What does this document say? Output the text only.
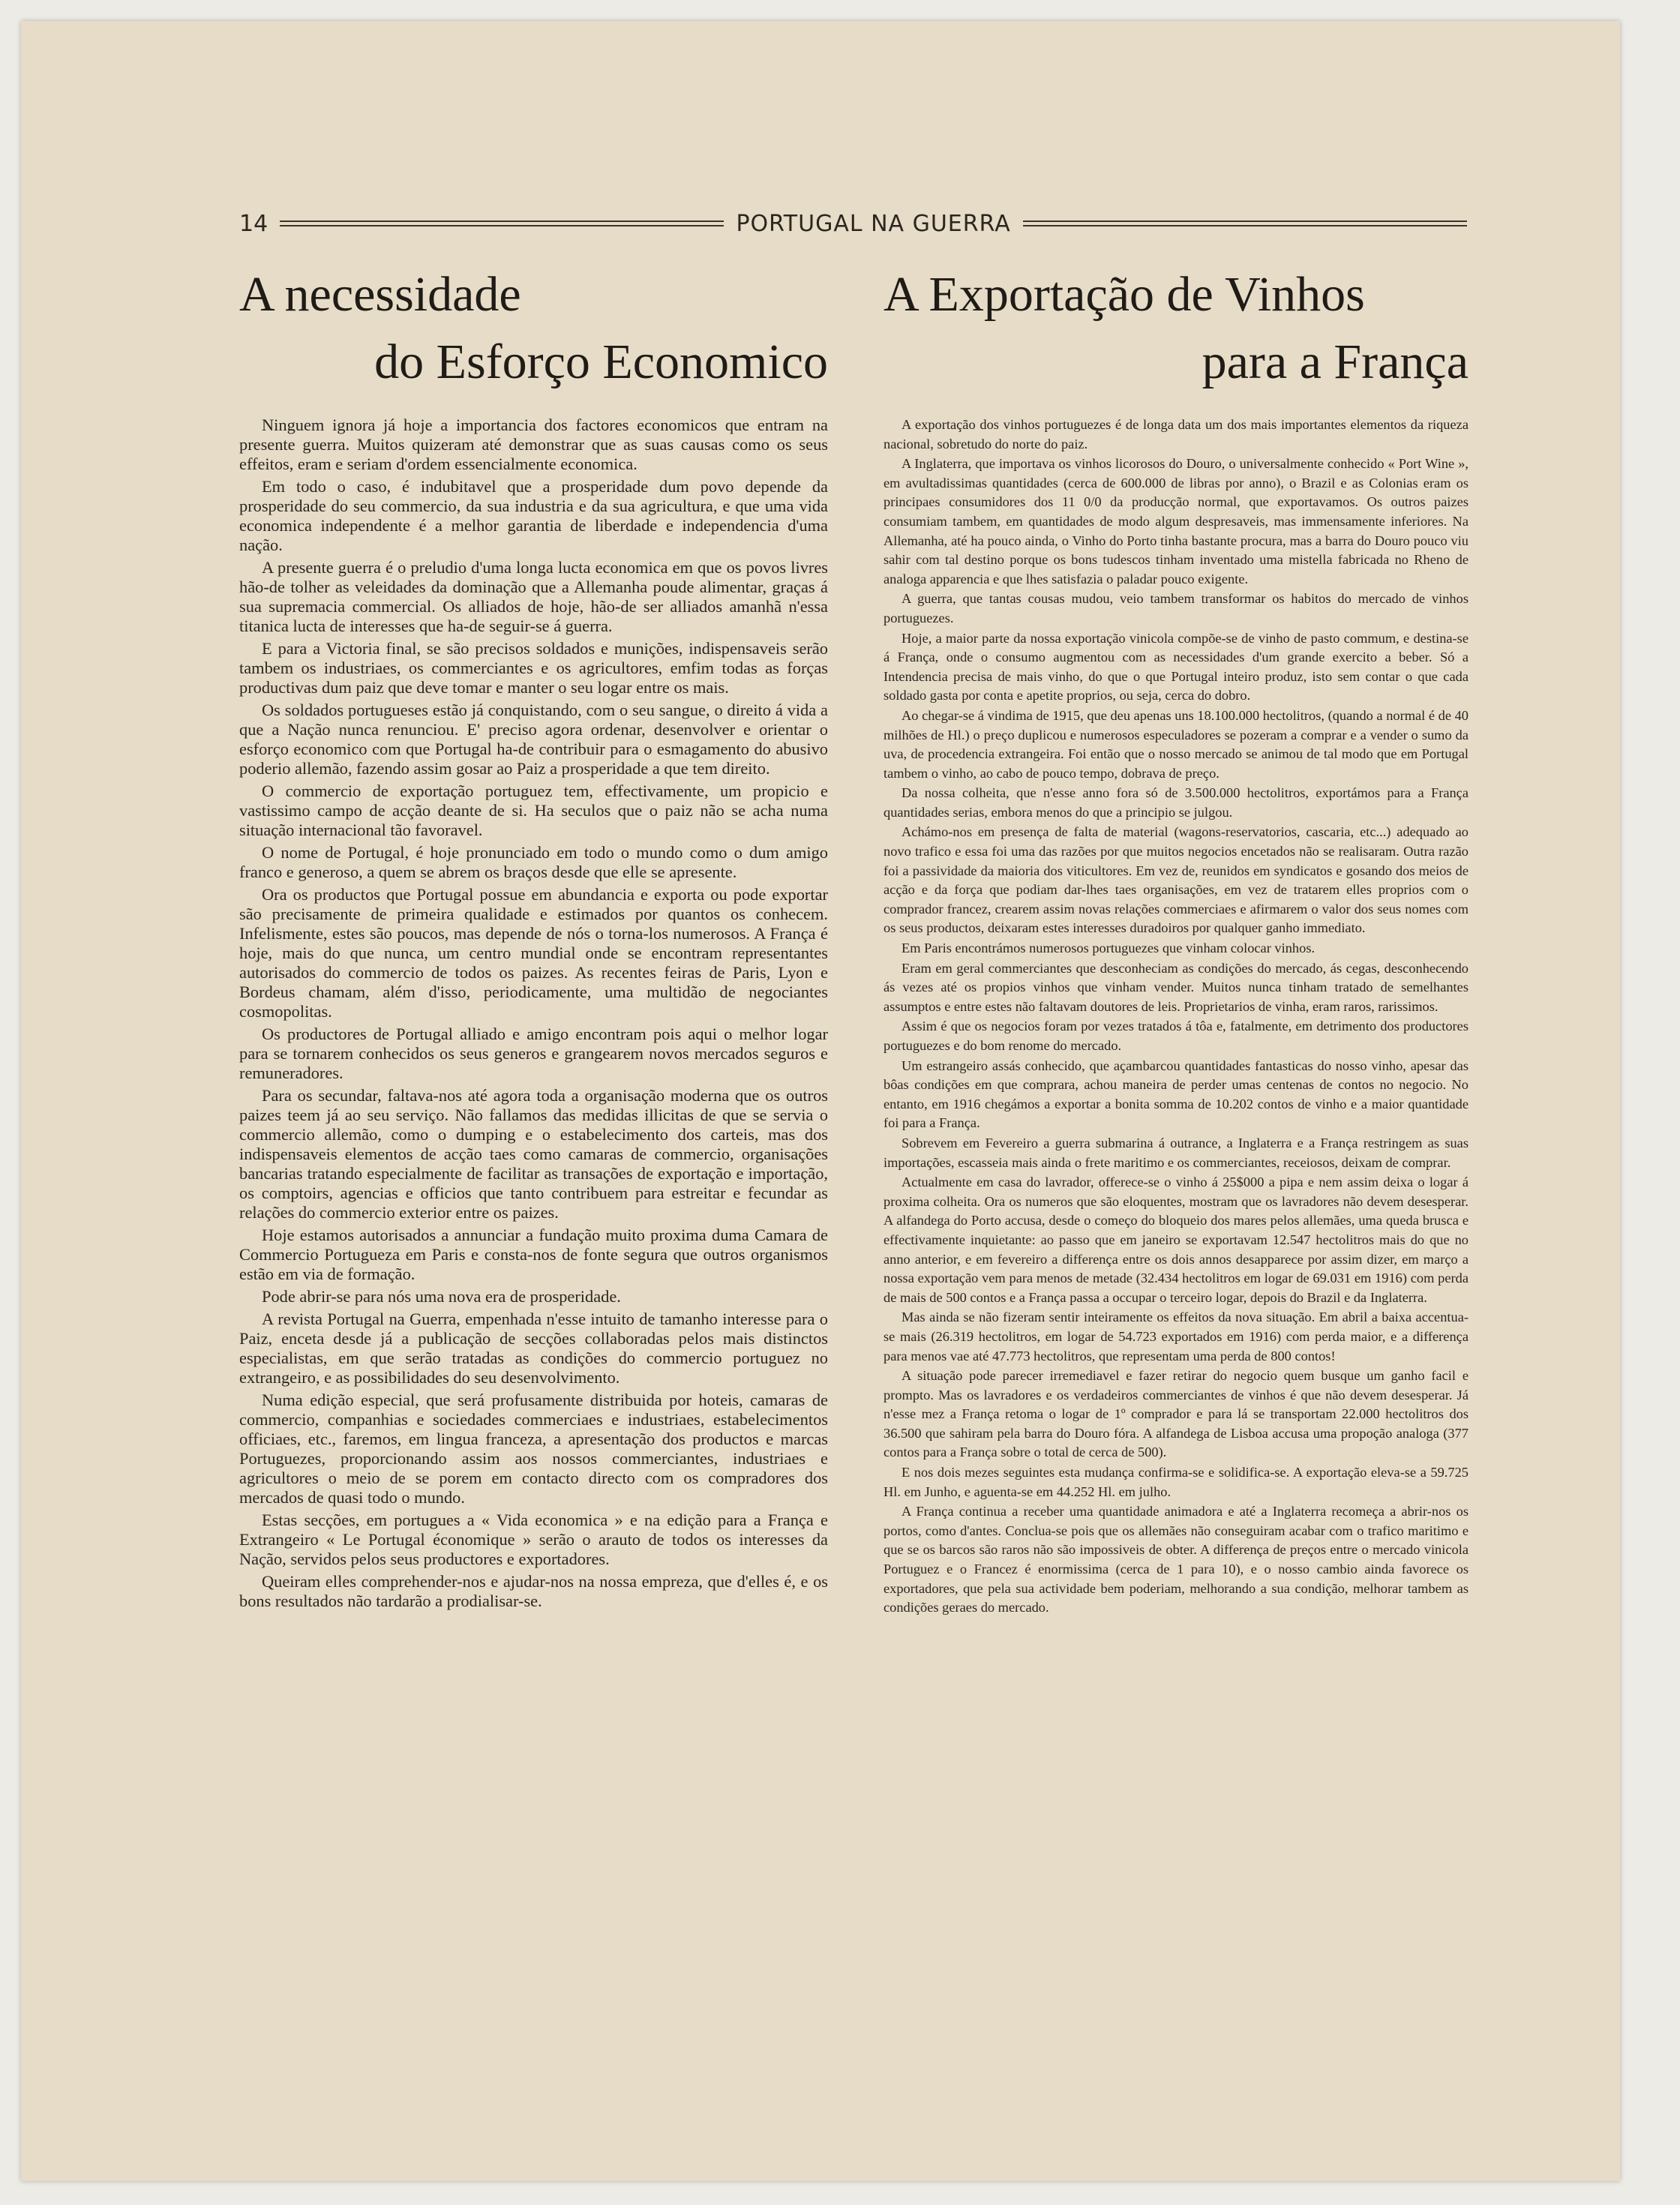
14	PORTUGAL NA GUERRA
A necessidade
do Esforço Economico

Ninguem ignora já hoje a importancia dos factores economicos que entram na presente guerra. Muitos quizeram até demonstrar que as suas causas como os seus effeitos, eram e seriam d'ordem essencialmente economica.

Em todo o caso, é indubitavel que a prosperidade dum povo depende da prosperidade do seu commercio, da sua industria e da sua agricultura, e que uma vida economica independente é a melhor garantia de liberdade e independencia d'uma nação.

A presente guerra é o preludio d'uma longa lucta economica em que os povos livres hão-de tolher as veleidades da dominação que a Allemanha poude alimentar, graças á sua supremacia commercial. Os alliados de hoje, hão-de ser alliados amanhã n'essa titanica lucta de interesses que ha-de seguir-se á guerra.

E para a Victoria final, se são precisos soldados e munições, indispensaveis serão tambem os industriaes, os commerciantes e os agricultores, emfim todas as forças productivas dum paiz que deve tomar e manter o seu logar entre os mais.

Os soldados portugueses estão já conquistando, com o seu sangue, o direito á vida a que a Nação nunca renunciou. E' preciso agora ordenar, desenvolver e orientar o esforço economico com que Portugal ha-de contribuir para o esmagamento do abusivo poderio allemão, fazendo assim gosar ao Paiz a prosperidade a que tem direito.

O commercio de exportação portuguez tem, effectivamente, um propicio e vastissimo campo de acção deante de si. Ha seculos que o paiz não se acha numa situação internacional tão favoravel.

O nome de Portugal, é hoje pronunciado em todo o mundo como o dum amigo franco e generoso, a quem se abrem os braços desde que elle se apresente.

Ora os productos que Portugal possue em abundancia e exporta ou pode exportar são precisamente de primeira qualidade e estimados por quantos os conhecem. Infelismente, estes são poucos, mas depende de nós o torna-los numerosos. A França é hoje, mais do que nunca, um centro mundial onde se encontram representantes autorisados do commercio de todos os paizes. As recentes feiras de Paris, Lyon e Bordeus chamam, além d'isso, periodicamente, uma multidão de negociantes cosmopolitas.

Os productores de Portugal alliado e amigo encontram pois aqui o melhor logar para se tornarem conhecidos os seus generos e grangearem novos mercados seguros e remuneradores.

Para os secundar, faltava-nos até agora toda a organisação moderna que os outros paizes teem já ao seu serviço. Não fallamos das medidas illicitas de que se servia o commercio allemão, como o dumping e o estabelecimento dos carteis, mas dos indispensaveis elementos de acção taes como camaras de commercio, organisações bancarias tratando especialmente de facilitar as transações de exportação e importação, os comptoirs, agencias e officios que tanto contribuem para estreitar e fecundar as relações do commercio exterior entre os paizes.

Hoje estamos autorisados a annunciar a fundação muito proxima duma Camara de Commercio Portugueza em Paris e consta-nos de fonte segura que outros organismos estão em via de formação.

Pode abrir-se para nós uma nova era de prosperidade.

A revista Portugal na Guerra, empenhada n'esse intuito de tamanho interesse para o Paiz, enceta desde já a publicação de secções collaboradas pelos mais distinctos especialistas, em que serão tratadas as condições do commercio portuguez no extrangeiro, e as possibilidades do seu desenvolvimento.

Numa edição especial, que será profusamente distribuida por hoteis, camaras de commercio, companhias e sociedades commerciaes e industriaes, estabelecimentos officiaes, etc., faremos, em lingua franceza, a apresentação dos productos e marcas Portuguezes, proporcionando assim aos nossos commerciantes, industriaes e agricultores o meio de se porem em contacto directo com os compradores dos mercados de quasi todo o mundo.

Estas secções, em portugues a « Vida economica » e na edição para a França e Extrangeiro « Le Portugal économique » serão o arauto de todos os interesses da Nação, servidos pelos seus productores e exportadores.

Queiram elles comprehender-nos e ajudar-nos na nossa empreza, que d'elles é, e os bons resultados não tardarão a prodialisar-se.

A Exportação de Vinhos
para a França

A exportação dos vinhos portuguezes é de longa data um dos mais importantes elementos da riqueza nacional, sobretudo do norte do paiz.

A Inglaterra, que importava os vinhos licorosos do Douro, o universalmente conhecido « Port Wine », em avultadissimas quantidades (cerca de 600.000 de libras por anno), o Brazil e as Colonias eram os principaes consumidores dos 11 0/0 da producção normal, que exportavamos. Os outros paizes consumiam tambem, em quantidades de modo algum despresaveis, mas immensamente inferiores. Na Allemanha, até ha pouco ainda, o Vinho do Porto tinha bastante procura, mas a barra do Douro pouco viu sahir com tal destino porque os bons tudescos tinham inventado uma mistella fabricada no Rheno de analoga apparencia e que lhes satisfazia o paladar pouco exigente.

A guerra, que tantas cousas mudou, veio tambem transformar os habitos do mercado de vinhos portuguezes.

Hoje, a maior parte da nossa exportação vinicola compõe-se de vinho de pasto commum, e destina-se á França, onde o consumo augmentou com as necessidades d'um grande exercito a beber. Só a Intendencia precisa de mais vinho, do que o que Portugal inteiro produz, isto sem contar o que cada soldado gasta por conta e apetite proprios, ou seja, cerca do dobro.

Ao chegar-se á vindima de 1915, que deu apenas uns 18.100.000 hectolitros, (quando a normal é de 40 milhões de Hl.) o preço duplicou e numerosos especuladores se pozeram a comprar e a vender o sumo da uva, de procedencia extrangeira. Foi então que o nosso mercado se animou de tal modo que em Portugal tambem o vinho, ao cabo de pouco tempo, dobrava de preço.

Da nossa colheita, que n'esse anno fora só de 3.500.000 hectolitros, exportámos para a França quantidades serias, embora menos do que a principio se julgou.

Achámo-nos em presença de falta de material (wagons-reservatorios, cascaria, etc...) adequado ao novo trafico e essa foi uma das razões por que muitos negocios encetados não se realisaram. Outra razão foi a passividade da maioria dos viticultores. Em vez de, reunidos em syndicatos e gosando dos meios de acção e da força que podiam dar-lhes taes organisações, em vez de tratarem elles proprios com o comprador francez, crearem assim novas relações commerciaes e afirmarem o valor dos seus nomes com os seus productos, deixaram estes interesses duradoiros por qualquer ganho immediato.

Em Paris encontrámos numerosos portuguezes que vinham colocar vinhos.

Eram em geral commerciantes que desconheciam as condições do mercado, ás cegas, desconhecendo ás vezes até os propios vinhos que vinham vender. Muitos nunca tinham tratado de semelhantes assumptos e entre estes não faltavam doutores de leis. Proprietarios de vinha, eram raros, rarissimos.

Assim é que os negocios foram por vezes tratados á tôa e, fatalmente, em detrimento dos productores portuguezes e do bom renome do mercado.

Um estrangeiro assás conhecido, que açambarcou quantidades fantasticas do nosso vinho, apesar das bôas condições em que comprara, achou maneira de perder umas centenas de contos no negocio. No entanto, em 1916 chegámos a exportar a bonita somma de 10.202 contos de vinho e a maior quantidade foi para a França.

Sobrevem em Fevereiro a guerra submarina á outrance, a Inglaterra e a França restringem as suas importações, escasseia mais ainda o frete maritimo e os commerciantes, receiosos, deixam de comprar.

Actualmente em casa do lavrador, offerece-se o vinho á 25$000 a pipa e nem assim deixa o logar á proxima colheita. Ora os numeros que são eloquentes, mostram que os lavradores não devem desesperar. A alfandega do Porto accusa, desde o começo do bloqueio dos mares pelos allemães, uma queda brusca e effectivamente inquietante: ao passo que em janeiro se exportavam 12.547 hectolitros mais do que no anno anterior, e em fevereiro a differença entre os dois annos desapparece por assim dizer, em março a nossa exportação vem para menos de metade (32.434 hectolitros em logar de 69.031 em 1916) com perda de mais de 500 contos e a França passa a occupar o terceiro logar, depois do Brazil e da Inglaterra.

Mas ainda se não fizeram sentir inteiramente os effeitos da nova situação. Em abril a baixa accentua-se mais (26.319 hectolitros, em logar de 54.723 exportados em 1916) com perda maior, e a differença para menos vae até 47.773 hectolitros, que representam uma perda de 800 contos!

A situação pode parecer irremediavel e fazer retirar do negocio quem busque um ganho facil e prompto. Mas os lavradores e os verdadeiros commerciantes de vinhos é que não devem desesperar. Já n'esse mez a França retoma o logar de 1º comprador e para lá se transportam 22.000 hectolitros dos 36.500 que sahiram pela barra do Douro fóra. A alfandega de Lisboa accusa uma propoção analoga (377 contos para a França sobre o total de cerca de 500).

E nos dois mezes seguintes esta mudança confirma-se e solidifica-se. A exportação eleva-se a 59.725 Hl. em Junho, e aguenta-se em 44.252 Hl. em julho.

A França continua a receber uma quantidade animadora e até a Inglaterra recomeça a abrir-nos os portos, como d'antes. Conclua-se pois que os allemães não conseguiram acabar com o trafico maritimo e que se os barcos são raros não são impossiveis de obter. A differença de preços entre o mercado vinicola Portuguez e o Francez é enormissima (cerca de 1 para 10), e o nosso cambio ainda favorece os exportadores, que pela sua actividade bem poderiam, melhorando a sua condição, melhorar tambem as condições geraes do mercado.
